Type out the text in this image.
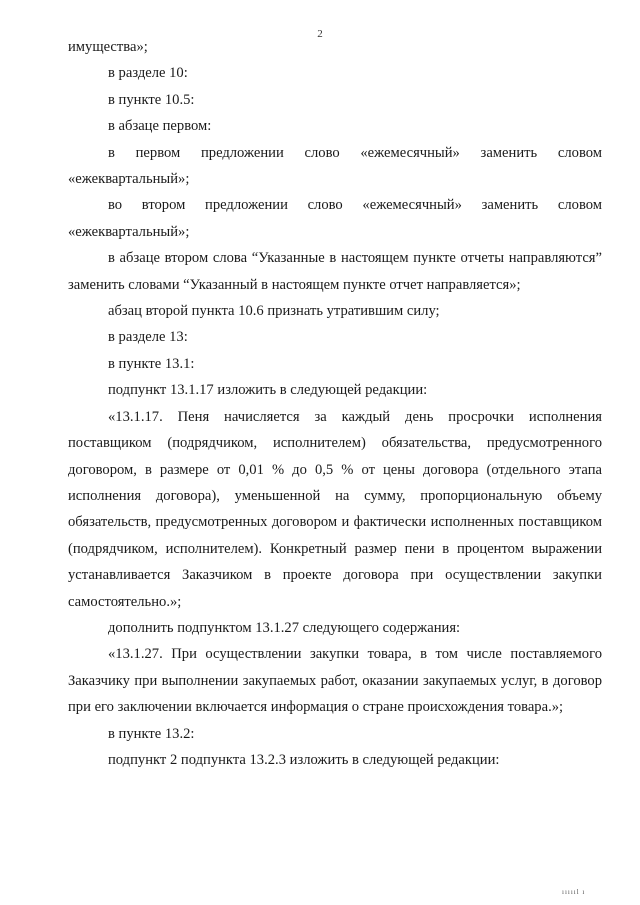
2

имущества»;

в разделе 10:

в пункте 10.5:

в абзаце первом:

в первом предложении слово «ежемесячный» заменить словом «ежеквартальный»;

во втором предложении слово «ежемесячный» заменить словом «ежеквартальный»;

в абзаце втором слова “Указанные в настоящем пункте отчеты направляются” заменить словами “Указанный в настоящем пункте отчет направляется»;

абзац второй пункта 10.6 признать утратившим силу;

в разделе 13:

в пункте 13.1:

подпункт 13.1.17 изложить в следующей редакции:

«13.1.17. Пеня начисляется за каждый день просрочки исполнения поставщиком (подрядчиком, исполнителем) обязательства, предусмотренного договором, в размере от 0,01 % до 0,5 % от цены договора (отдельного этапа исполнения договора), уменьшенной на сумму, пропорциональную объему обязательств, предусмотренных договором и фактически исполненных поставщиком (подрядчиком, исполнителем). Конкретный размер пени в процентом выражении устанавливается Заказчиком в проекте договора при осуществлении закупки самостоятельно.»;

дополнить подпунктом 13.1.27 следующего содержания:

«13.1.27. При осуществлении закупки товара, в том числе поставляемого Заказчику при выполнении закупаемых работ, оказании закупаемых услуг, в договор при его заключении включается информация о стране происхождения товара.»;

в пункте 13.2:

подпункт 2 подпункта 13.2.3 изложить в следующей редакции:

ıııııl ı
